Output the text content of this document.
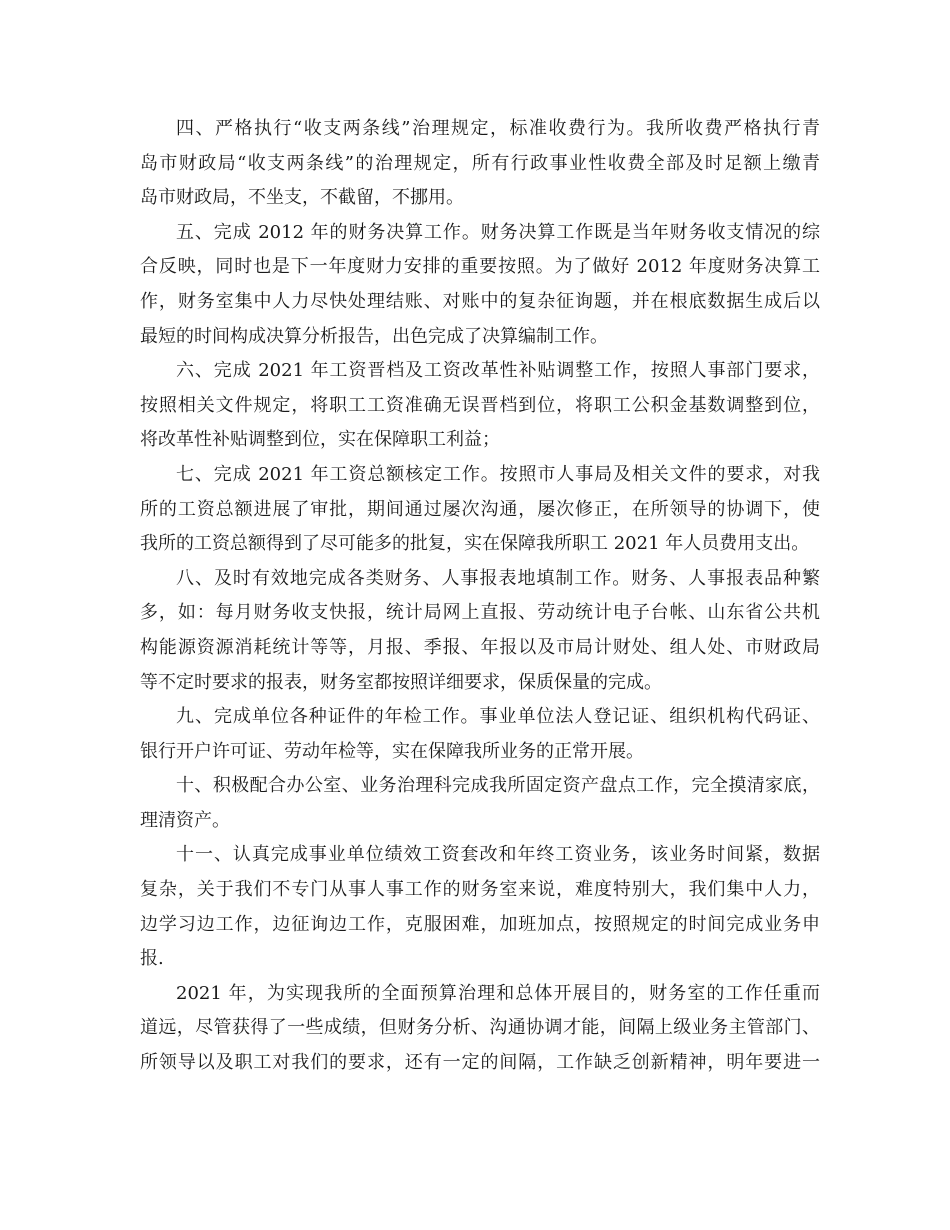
四、严格执行“收支两条线”治理规定，标准收费行为。我所收费严格执行青
岛市财政局“收支两条线”的治理规定，所有行政事业性收费全部及时足额上缴青
岛市财政局，不坐支，不截留，不挪用。
五、完成 2012 年的财务决算工作。财务决算工作既是当年财务收支情况的综
合反映，同时也是下一年度财力安排的重要按照。为了做好 2012 年度财务决算工
作，财务室集中人力尽快处理结账、对账中的复杂征询题，并在根底数据生成后以
最短的时间构成决算分析报告，出色完成了决算编制工作。
六、完成 2021 年工资晋档及工资改革性补贴调整工作，按照人事部门要求，
按照相关文件规定，将职工工资准确无误晋档到位，将职工公积金基数调整到位，
将改革性补贴调整到位，实在保障职工利益；
七、完成 2021 年工资总额核定工作。按照市人事局及相关文件的要求，对我
所的工资总额进展了审批，期间通过屡次沟通，屡次修正，在所领导的协调下，使
我所的工资总额得到了尽可能多的批复，实在保障我所职工 2021 年人员费用支出。
八、及时有效地完成各类财务、人事报表地填制工作。财务、人事报表品种繁
多，如：每月财务收支快报，统计局网上直报、劳动统计电子台帐、山东省公共机
构能源资源消耗统计等等，月报、季报、年报以及市局计财处、组人处、市财政局
等不定时要求的报表，财务室都按照详细要求，保质保量的完成。
九、完成单位各种证件的年检工作。事业单位法人登记证、组织机构代码证、
银行开户许可证、劳动年检等，实在保障我所业务的正常开展。
十、积极配合办公室、业务治理科完成我所固定资产盘点工作，完全摸清家底，
理清资产。
十一、认真完成事业单位绩效工资套改和年终工资业务，该业务时间紧，数据
复杂，关于我们不专门从事人事工作的财务室来说，难度特别大，我们集中人力，
边学习边工作，边征询边工作，克服困难，加班加点，按照规定的时间完成业务申
报.
2021 年，为实现我所的全面预算治理和总体开展目的，财务室的工作任重而
道远，尽管获得了一些成绩，但财务分析、沟通协调才能，间隔上级业务主管部门、
所领导以及职工对我们的要求，还有一定的间隔，工作缺乏创新精神，明年要进一
